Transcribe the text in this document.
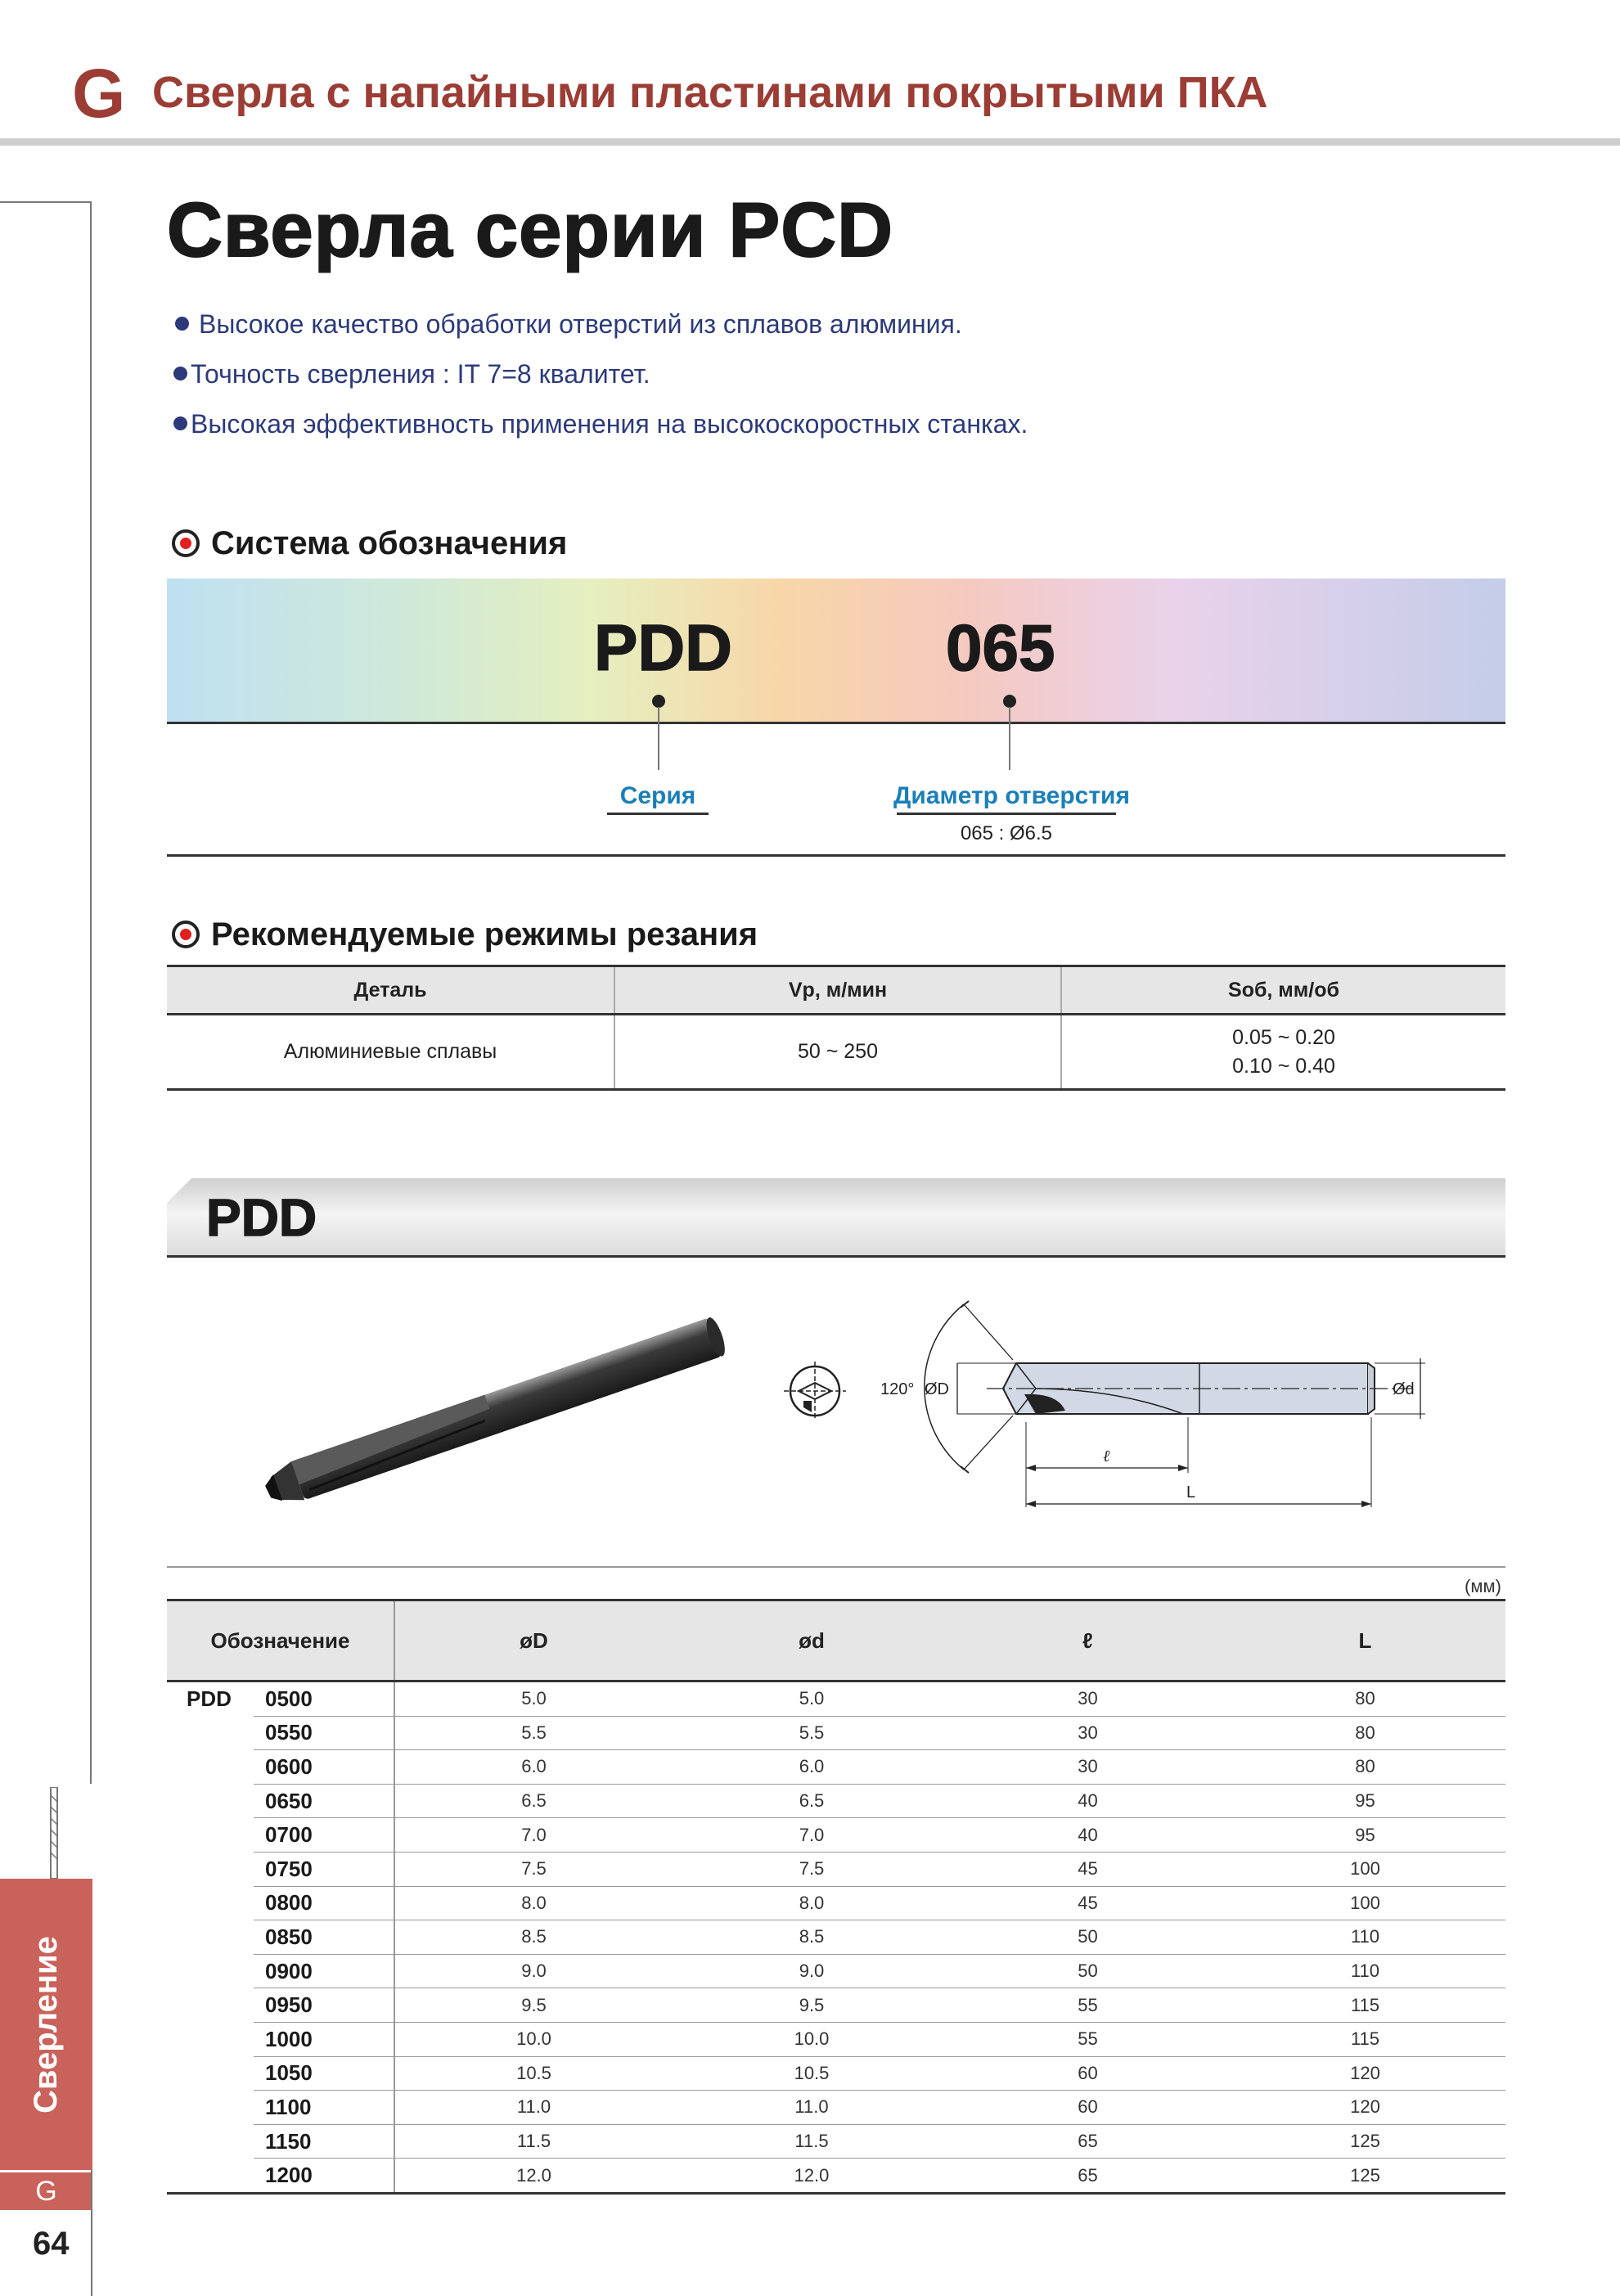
G Сверла с напайными пластинами покрытыми ПКА
Сверление
G
64
Сверла серии PCD
Высокое качество обработки отверстий из сплавов алюминия.
Точность сверления : IT 7=8 квалитет.
Высокая эффективность применения на высокоскоростных станках.
Система обозначения
PDD	065
Серия	Диаметр отверстия
065 : Ø6.5
Рекомендуемые режимы резания
Деталь	Vp, м/мин	Sоб, мм/об
Алюминиевые сплавы	50 ~ 250	0.05 ~ 0.20
0.10 ~ 0.40
PDD
120° ØD	Ød
ℓ
L
(мм)
Обозначение		øD	ød	ℓ	L
PDD	0500	5.0	5.0	30	80
	0550	5.5	5.5	30	80
	0600	6.0	6.0	30	80
	0650	6.5	6.5	40	95
	0700	7.0	7.0	40	95
	0750	7.5	7.5	45	100
	0800	8.0	8.0	45	100
	0850	8.5	8.5	50	110
	0900	9.0	9.0	50	110
	0950	9.5	9.5	55	115
	1000	10.0	10.0	55	115
	1050	10.5	10.5	60	120
	1100	11.0	11.0	60	120
	1150	11.5	11.5	65	125
	1200	12.0	12.0	65	125
